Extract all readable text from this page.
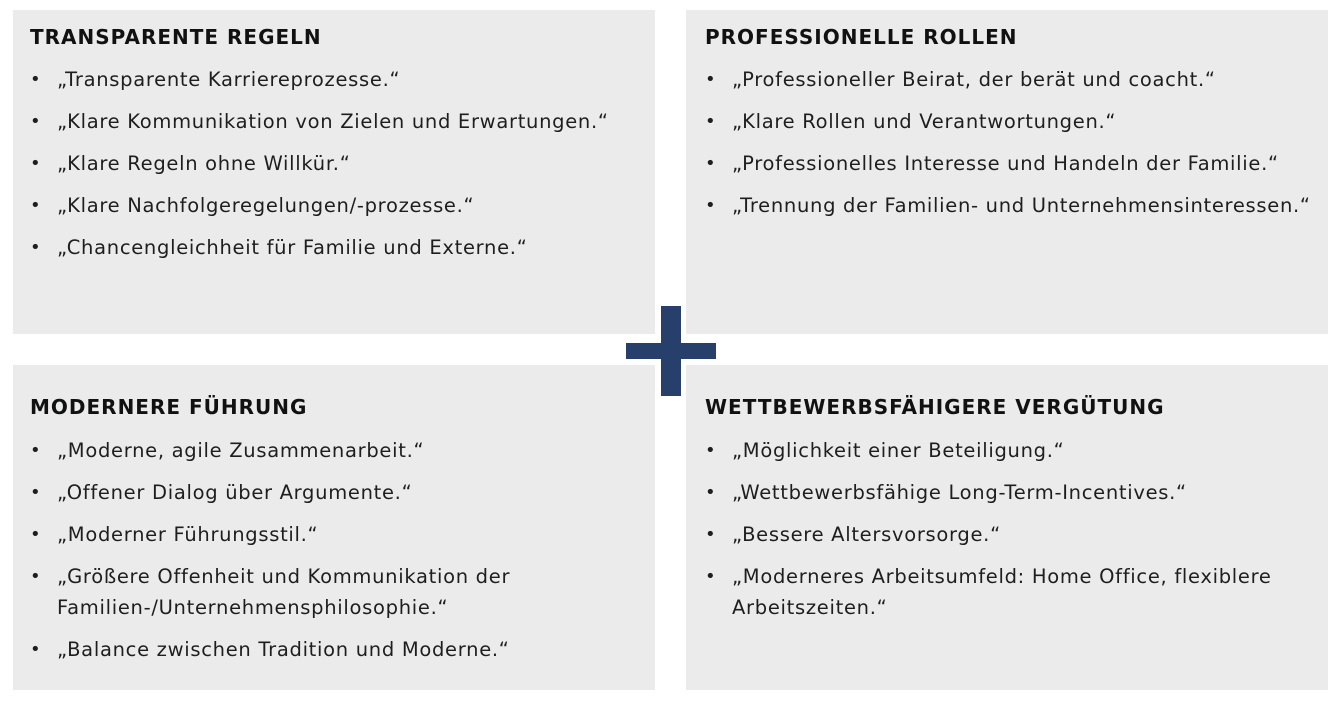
TRANSPARENTE REGELN
• „Transparente Karriereprozesse.“
• „Klare Kommunikation von Zielen und Erwartungen.“
• „Klare Regeln ohne Willkür.“
• „Klare Nachfolgeregelungen/-prozesse.“
• „Chancengleichheit für Familie und Externe.“
PROFESSIONELLE ROLLEN
• „Professioneller Beirat, der berät und coacht.“
• „Klare Rollen und Verantwortungen.“
• „Professionelles Interesse und Handeln der Familie.“
• „Trennung der Familien- und Unternehmensinteressen.“
MODERNERE FÜHRUNG
• „Moderne, agile Zusammenarbeit.“
• „Offener Dialog über Argumente.“
• „Moderner Führungsstil.“
• „Größere Offenheit und Kommunikation der Familien-/Unternehmensphilosophie.“
• „Balance zwischen Tradition und Moderne.“
WETTBEWERBSFÄHIGERE VERGÜTUNG
• „Möglichkeit einer Beteiligung.“
• „Wettbewerbsfähige Long-Term-Incentives.“
• „Bessere Altersvorsorge.“
• „Moderneres Arbeitsumfeld: Home Office, flexiblere Arbeitszeiten.“
